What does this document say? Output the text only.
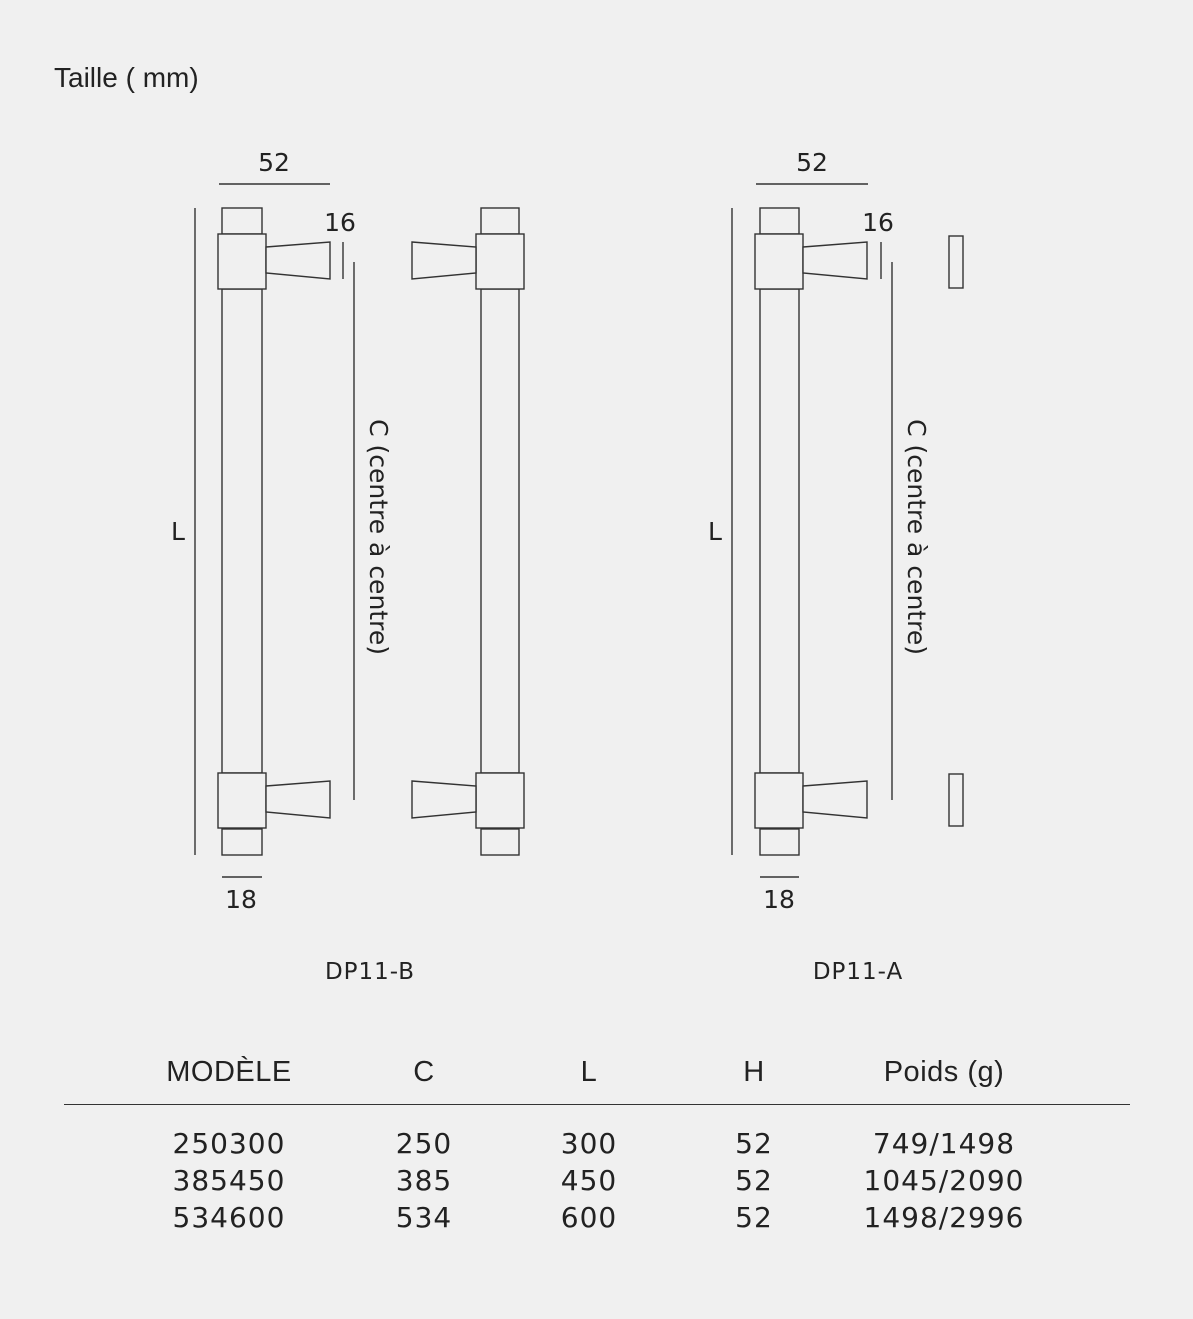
Taille ( mm)
52
L
16
C (centre à centre)
18
DP11-B
52
L
16
C (centre à centre)
18
DP11-A
MODÈLE	C	L	H	Poids (g)
250300	250	300	52	749/1498
385450	385	450	52	1045/2090
534600	534	600	52	1498/2996
